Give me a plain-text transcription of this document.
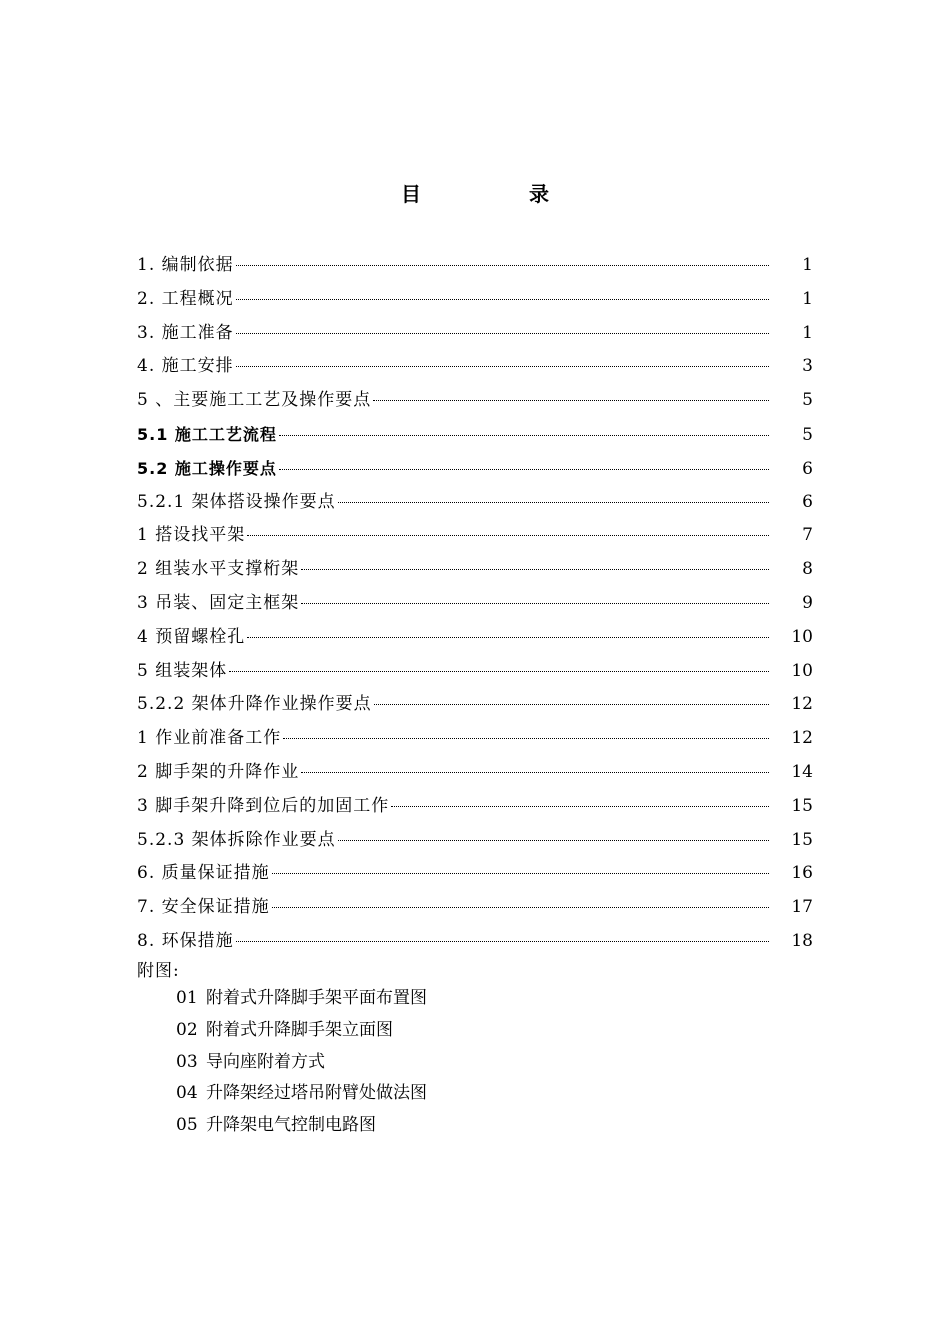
目　录
1. 编制依据	1
2. 工程概况	1
3. 施工准备	1
4. 施工安排	3
5 、主要施工工艺及操作要点	5
5.1 施工工艺流程	5
5.2 施工操作要点	6
5.2.1 架体搭设操作要点	6
1 搭设找平架	7
2 组装水平支撑桁架	8
3 吊装、固定主框架	9
4 预留螺栓孔	10
5 组装架体	10
5.2.2 架体升降作业操作要点	12
1 作业前准备工作	12
2 脚手架的升降作业	14
3 脚手架升降到位后的加固工作	15
5.2.3 架体拆除作业要点	15
6. 质量保证措施	16
7. 安全保证措施	17
8. 环保措施	18
附图:
01 附着式升降脚手架平面布置图
02 附着式升降脚手架立面图
03 导向座附着方式
04 升降架经过塔吊附臂处做法图
05 升降架电气控制电路图
